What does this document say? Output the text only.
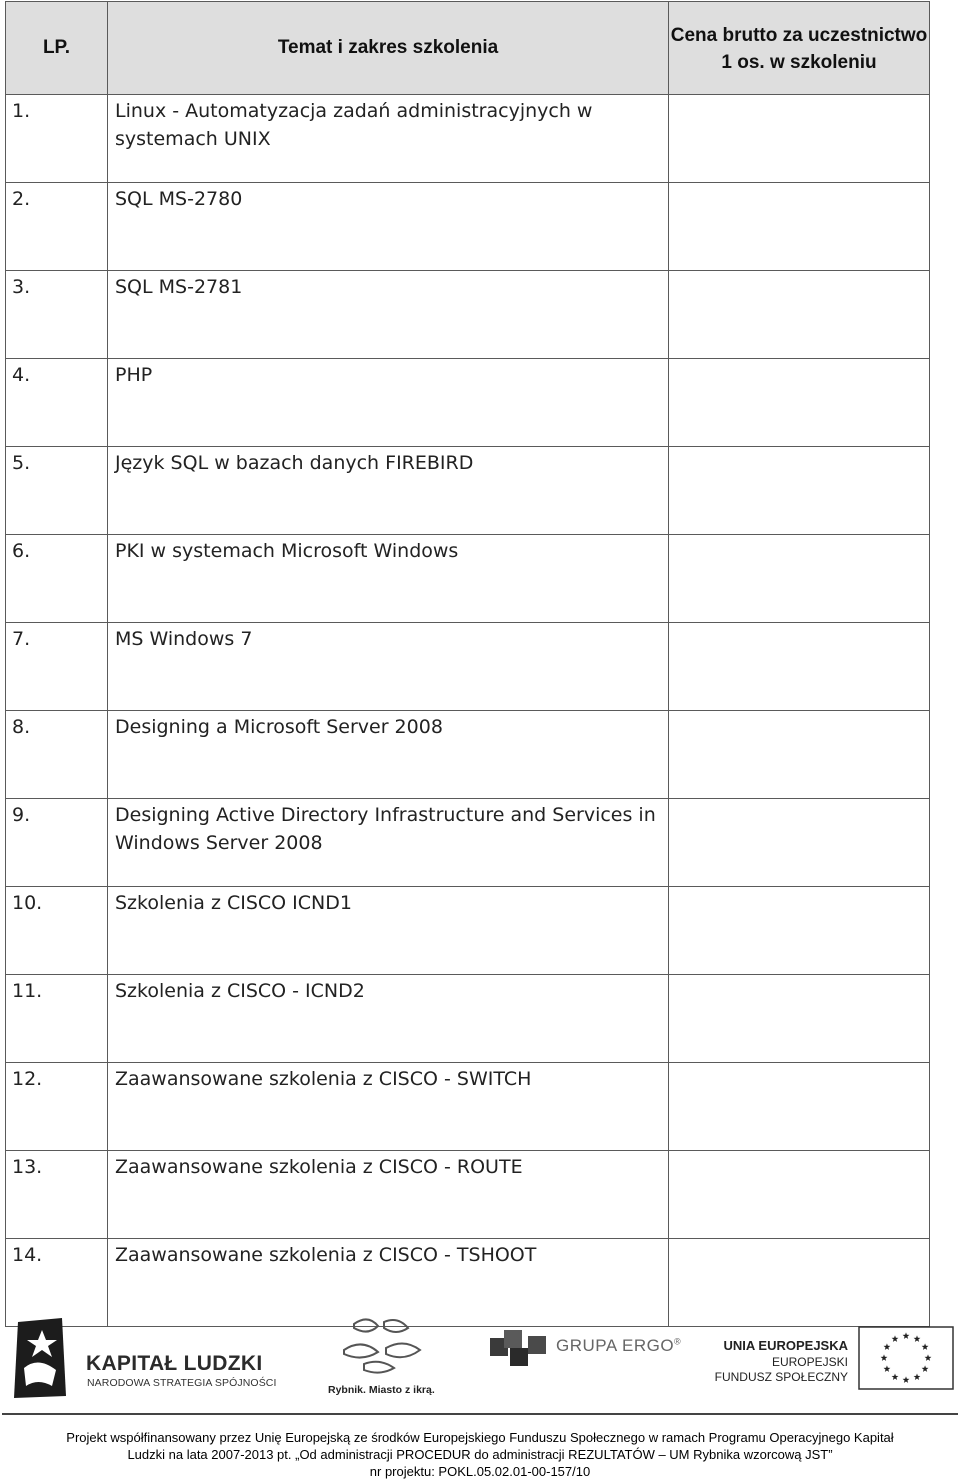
LP.	Temat i zakres szkolenia	Cena brutto za uczestnictwo 1 os. w szkoleniu
1.	Linux - Automatyzacja zadań administracyjnych w systemach UNIX	
2.	SQL MS-2780	
3.	SQL MS-2781	
4.	PHP	
5.	Język SQL w bazach danych FIREBIRD	
6.	PKI w systemach Microsoft Windows	
7.	MS Windows 7	
8.	Designing a Microsoft Server 2008	
9.	Designing Active Directory Infrastructure and Services in Windows Server 2008	
10.	Szkolenia z CISCO ICND1	
11.	Szkolenia z CISCO - ICND2	
12.	Zaawansowane szkolenia z CISCO - SWITCH	
13.	Zaawansowane szkolenia z CISCO - ROUTE	
14.	Zaawansowane szkolenia z CISCO - TSHOOT	
KAPITAŁ LUDZKI
NARODOWA STRATEGIA SPÓJNOŚCI
Rybnik. Miasto z ikrą.
GRUPA ERGO®	UNIA EUROPEJSKA
EUROPEJSKI
FUNDUSZ SPOŁECZNY
Projekt współfinansowany przez Unię Europejską ze środków Europejskiego Funduszu Społecznego w ramach Programu Operacyjnego Kapitał
Ludzki na lata 2007-2013 pt. „Od administracji PROCEDUR do administracji REZULTATÓW – UM Rybnika wzorcową JST”
nr projektu: POKL.05.02.01-00-157/10
